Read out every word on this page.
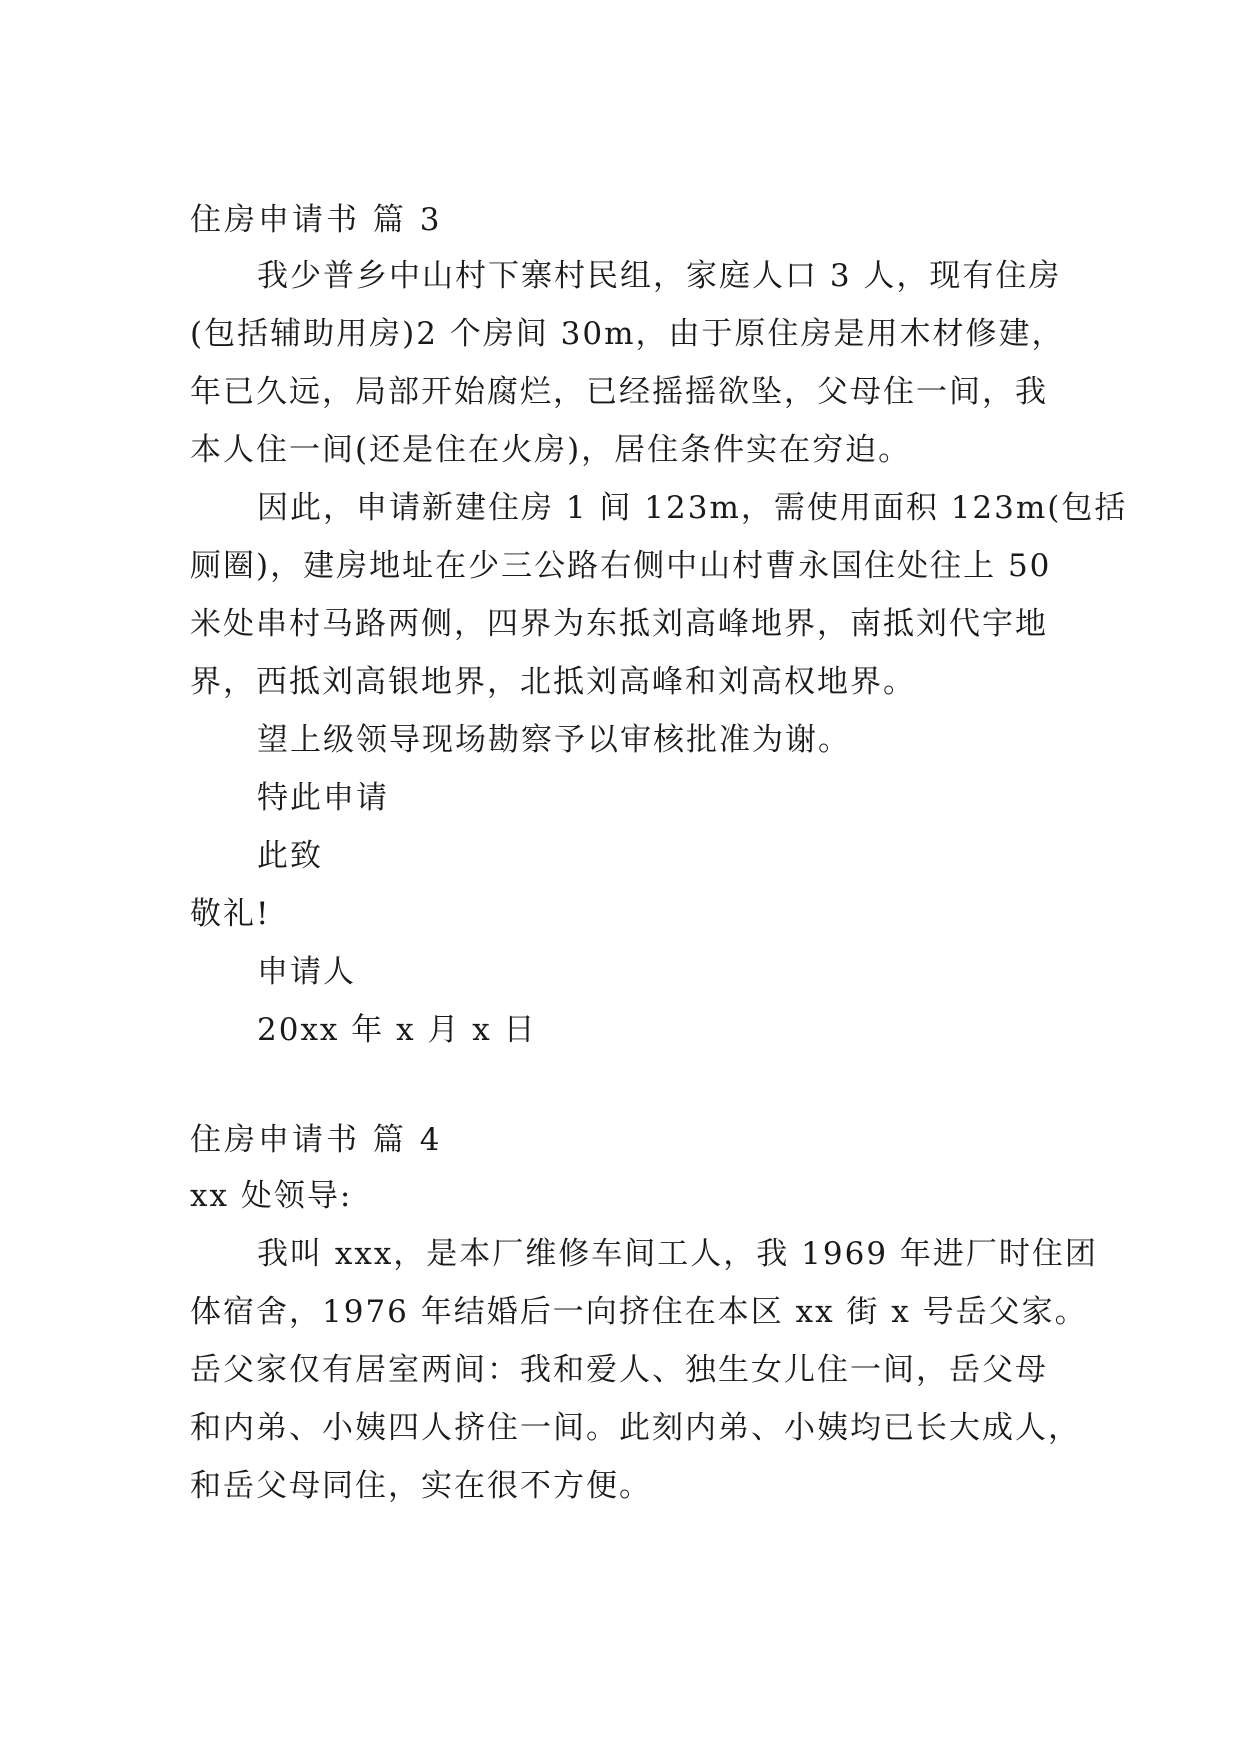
住房申请书 篇 3
我少普乡中山村下寨村民组，家庭人口 3 人，现有住房
(包括辅助用房)2 个房间 30m，由于原住房是用木材修建，
年已久远，局部开始腐烂，已经摇摇欲坠，父母住一间，我
本人住一间(还是住在火房)，居住条件实在穷迫。
因此，申请新建住房 1 间 123m，需使用面积 123m(包括
厕圈)，建房地址在少三公路右侧中山村曹永国住处往上 50
米处串村马路两侧，四界为东抵刘高峰地界，南抵刘代宇地
界，西抵刘高银地界，北抵刘高峰和刘高权地界。
望上级领导现场勘察予以审核批准为谢。
特此申请
此致
敬礼!
申请人
20xx 年 x 月 x 日
住房申请书 篇 4
xx 处领导:
我叫 xxx，是本厂维修车间工人，我 1969 年进厂时住团
体宿舍，1976 年结婚后一向挤住在本区 xx 街 x 号岳父家。
岳父家仅有居室两间：我和爱人、独生女儿住一间，岳父母
和内弟、小姨四人挤住一间。此刻内弟、小姨均已长大成人，
和岳父母同住，实在很不方便。
